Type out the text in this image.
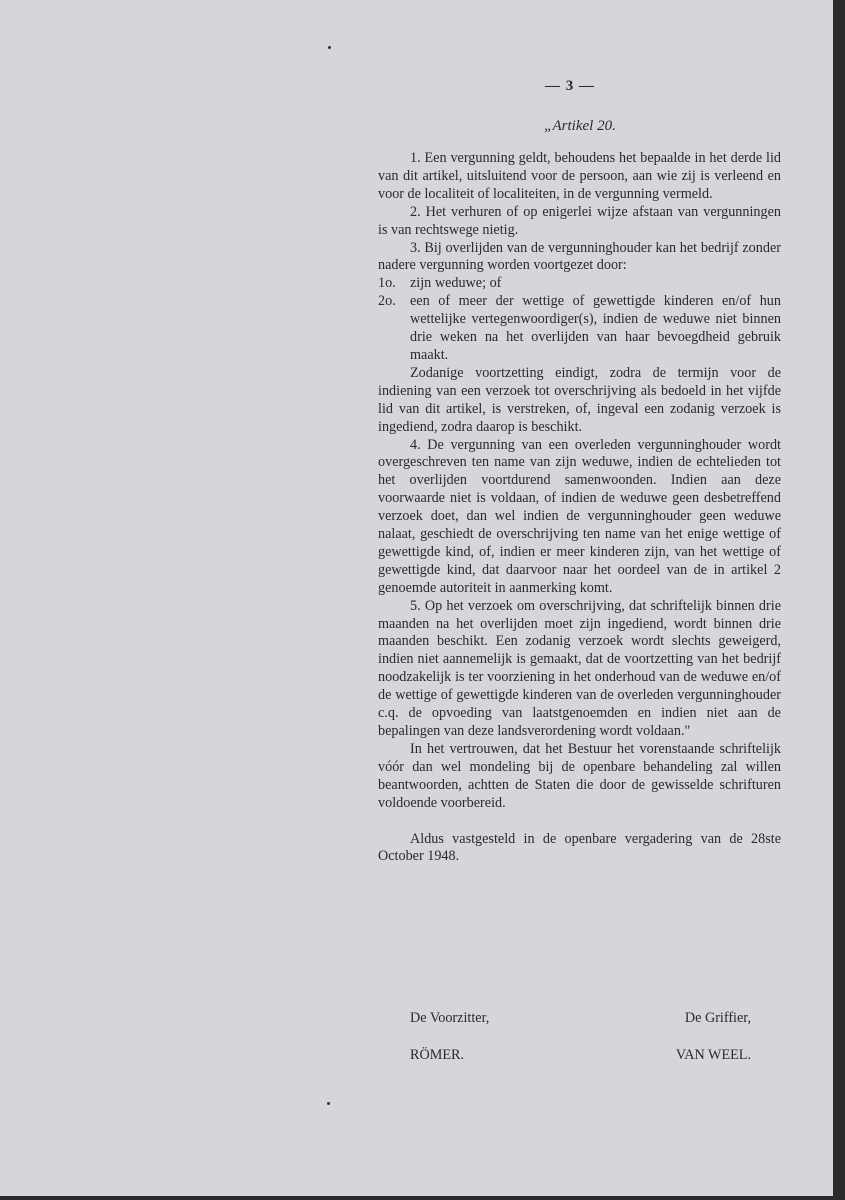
— 3 —
„Artikel 20.

1. Een vergunning geldt, behoudens het bepaalde in het derde lid van dit artikel, uitsluitend voor de persoon, aan wie zij is verleend en voor de localiteit of localiteiten, in de vergunning vermeld.

2. Het verhuren of op enigerlei wijze afstaan van vergunningen is van rechtswege nietig.

3. Bij overlijden van de vergunninghouder kan het bedrijf zonder nadere vergunning worden voortgezet door:

1o.	zijn weduwe; of
2o.	een of meer der wettige of gewettigde kinderen en/of hun wettelijke vertegenwoordiger(s), indien de weduwe niet binnen drie weken na het overlijden van haar bevoegdheid gebruik maakt.

Zodanige voortzetting eindigt, zodra de termijn voor de indiening van een verzoek tot overschrijving als bedoeld in het vijfde lid van dit artikel, is verstreken, of, ingeval een zodanig verzoek is ingediend, zodra daarop is beschikt.

4. De vergunning van een overleden vergunninghouder wordt overgeschreven ten name van zijn weduwe, indien de echtelieden tot het overlijden voortdurend samenwoonden. Indien aan deze voorwaarde niet is voldaan, of indien de weduwe geen desbetreffend verzoek doet, dan wel indien de vergunninghouder geen weduwe nalaat, geschiedt de overschrijving ten name van het enige wettige of gewettigde kind, of, indien er meer kinderen zijn, van het wettige of gewettigde kind, dat daarvoor naar het oordeel van de in artikel 2 genoemde autoriteit in aanmerking komt.

5. Op het verzoek om overschrijving, dat schriftelijk binnen drie maanden na het overlijden moet zijn ingediend, wordt binnen drie maanden beschikt. Een zodanig verzoek wordt slechts geweigerd, indien niet aannemelijk is gemaakt, dat de voortzetting van het bedrijf noodzakelijk is ter voorziening in het onderhoud van de weduwe en/of de wettige of gewettigde kinderen van de overleden vergunninghouder c.q. de opvoeding van laatstgenoemden en indien niet aan de bepalingen van deze landsverordening wordt voldaan."

In het vertrouwen, dat het Bestuur het vorenstaande schriftelijk vóór dan wel mondeling bij de openbare behandeling zal willen beantwoorden, achtten de Staten die door de gewisselde schrifturen voldoende voorbereid.

Aldus vastgesteld in de openbare vergadering van de 28ste October 1948.

De Voorzitter,	De Griffier,
RÖMER.	VAN WEEL.
